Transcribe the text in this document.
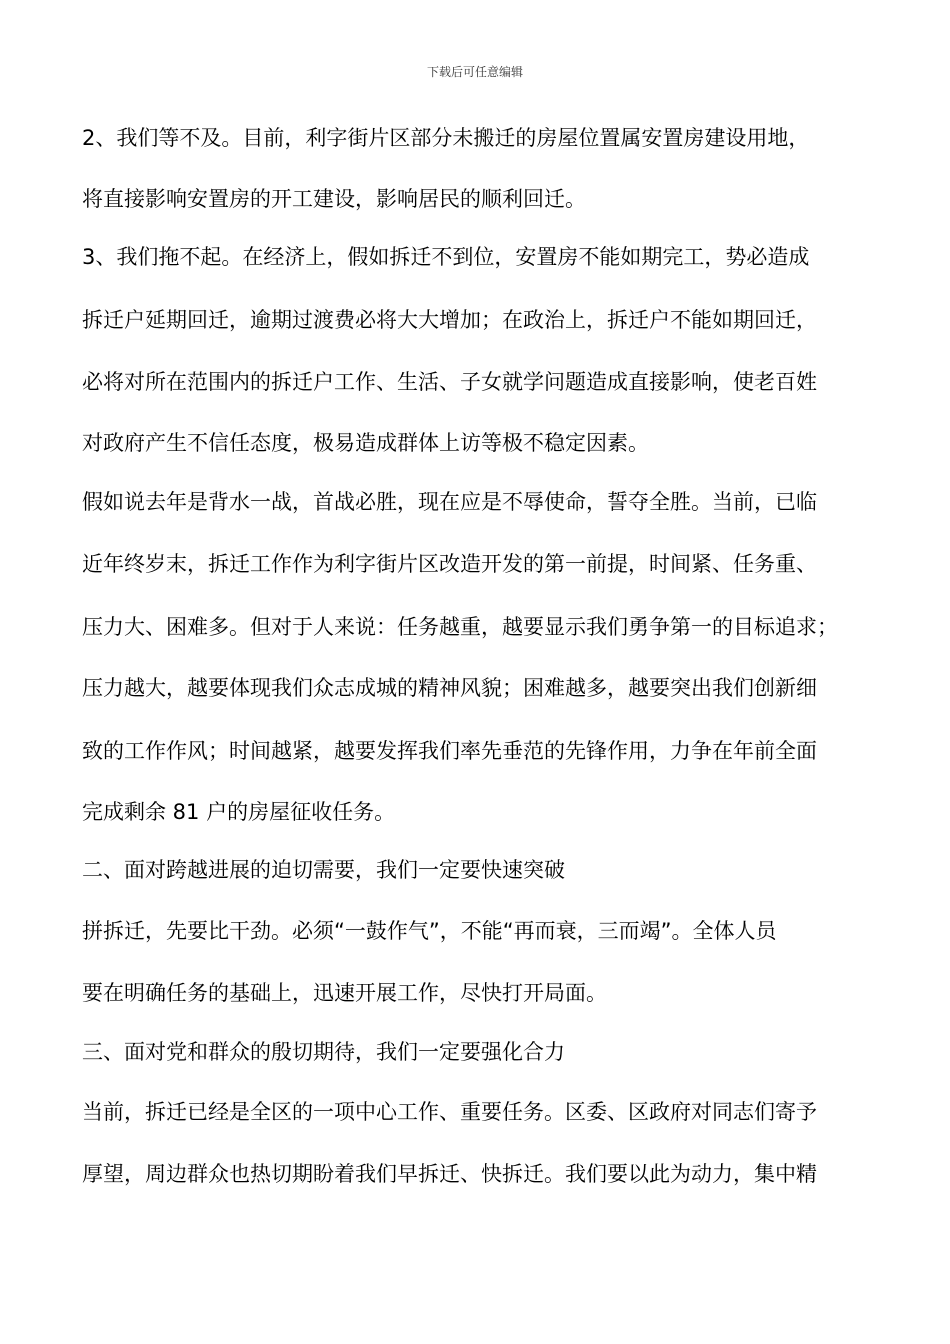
下载后可任意编辑
2、我们等不及。目前，利字街片区部分未搬迁的房屋位置属安置房建设用地，
将直接影响安置房的开工建设，影响居民的顺利回迁。
3、我们拖不起。在经济上，假如拆迁不到位，安置房不能如期完工，势必造成
拆迁户延期回迁，逾期过渡费必将大大增加；在政治上，拆迁户不能如期回迁，
必将对所在范围内的拆迁户工作、生活、子女就学问题造成直接影响，使老百姓
对政府产生不信任态度，极易造成群体上访等极不稳定因素。
假如说去年是背水一战，首战必胜，现在应是不辱使命，誓夺全胜。当前，已临
近年终岁末，拆迁工作作为利字街片区改造开发的第一前提，时间紧、任务重、
压力大、困难多。但对于人来说：任务越重，越要显示我们勇争第一的目标追求；
压力越大，越要体现我们众志成城的精神风貌；困难越多，越要突出我们创新细
致的工作作风；时间越紧，越要发挥我们率先垂范的先锋作用，力争在年前全面
完成剩余 81 户的房屋征收任务。
二、面对跨越进展的迫切需要，我们一定要快速突破
拼拆迁，先要比干劲。必须“一鼓作气”，不能“再而衰，三而竭”。全体人员
要在明确任务的基础上，迅速开展工作，尽快打开局面。
三、面对党和群众的殷切期待，我们一定要强化合力
当前，拆迁已经是全区的一项中心工作、重要任务。区委、区政府对同志们寄予
厚望，周边群众也热切期盼着我们早拆迁、快拆迁。我们要以此为动力，集中精
